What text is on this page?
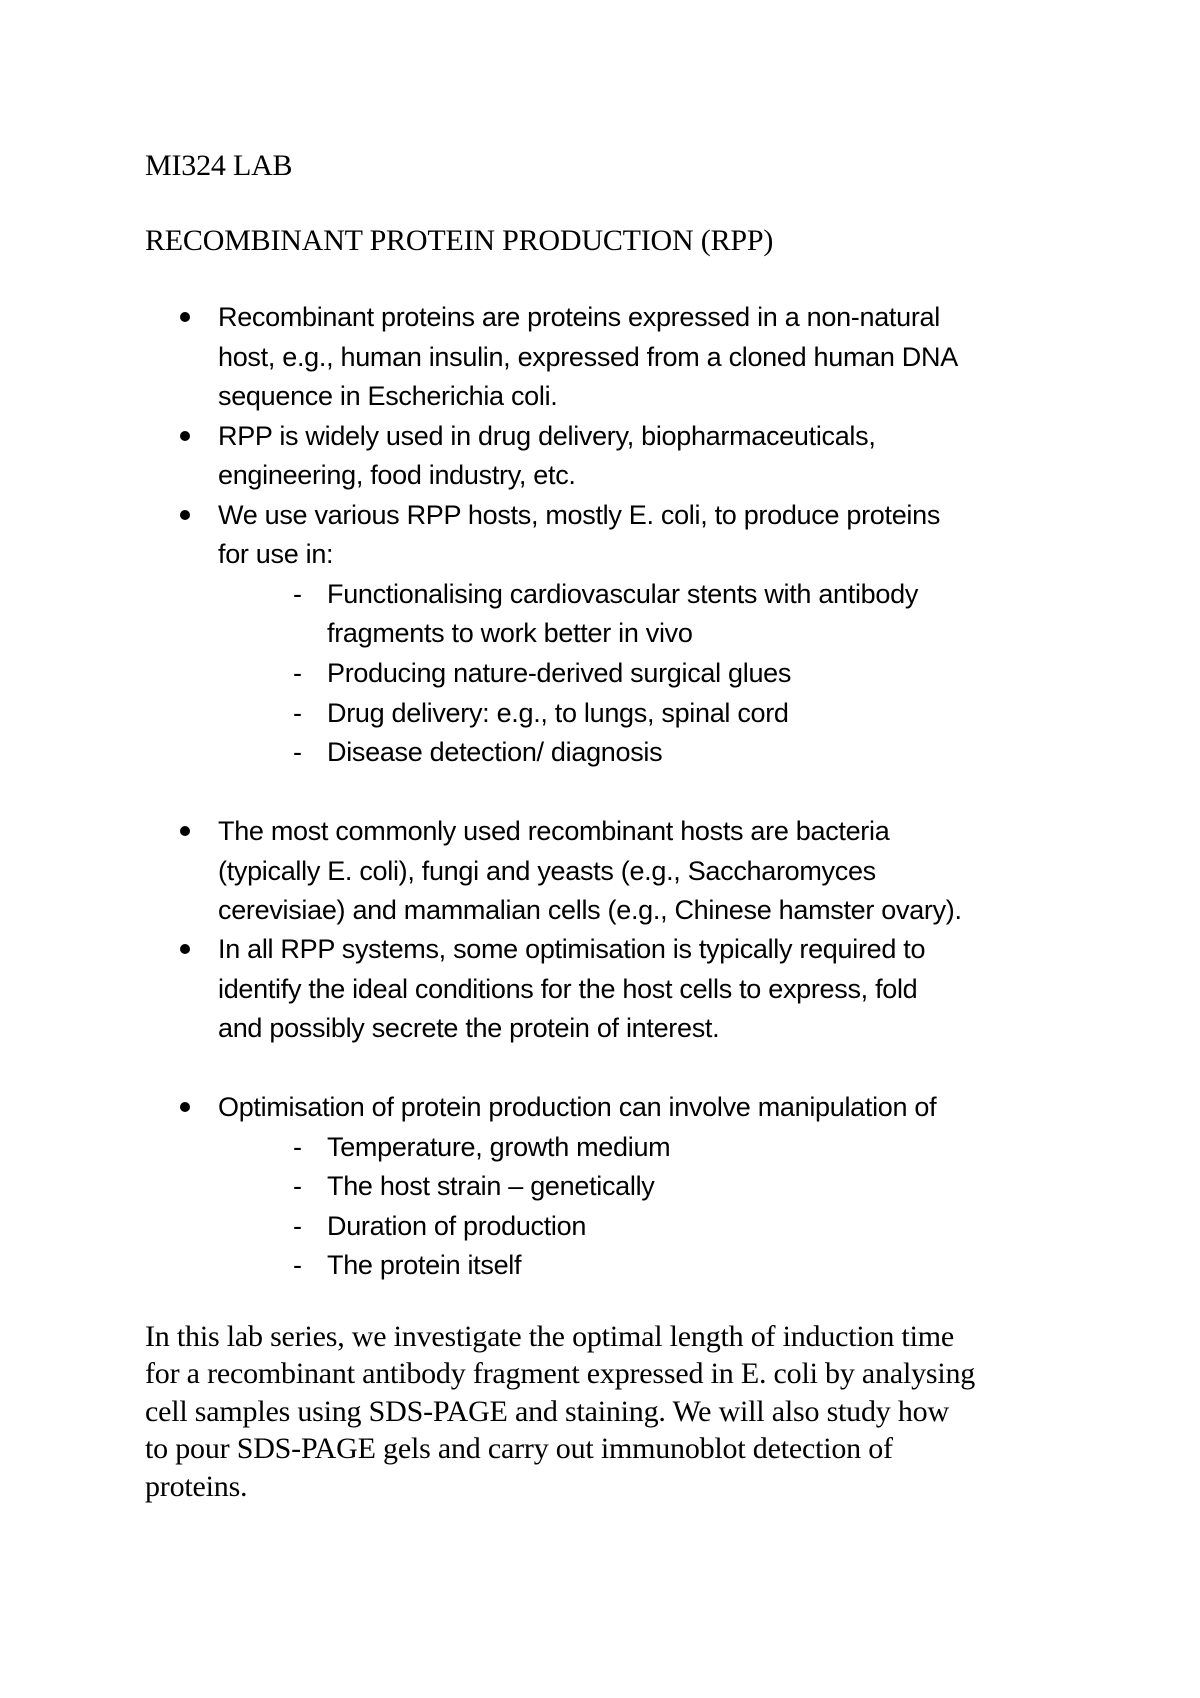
MI324 LAB
RECOMBINANT PROTEIN PRODUCTION (RPP)
Recombinant proteins are proteins expressed in a non-natural
host, e.g., human insulin, expressed from a cloned human DNA
sequence in Escherichia coli.
RPP is widely used in drug delivery, biopharmaceuticals,
engineering, food industry, etc.
We use various RPP hosts, mostly E. coli, to produce proteins
for use in:
- Functionalising cardiovascular stents with antibody
fragments to work better in vivo
- Producing nature-derived surgical glues
- Drug delivery: e.g., to lungs, spinal cord
- Disease detection/ diagnosis
The most commonly used recombinant hosts are bacteria
(typically E. coli), fungi and yeasts (e.g., Saccharomyces
cerevisiae) and mammalian cells (e.g., Chinese hamster ovary).
In all RPP systems, some optimisation is typically required to
identify the ideal conditions for the host cells to express, fold
and possibly secrete the protein of interest.
Optimisation of protein production can involve manipulation of
- Temperature, growth medium
- The host strain – genetically
- Duration of production
- The protein itself
In this lab series, we investigate the optimal length of induction time
for a recombinant antibody fragment expressed in E. coli by analysing
cell samples using SDS-PAGE and staining. We will also study how
to pour SDS-PAGE gels and carry out immunoblot detection of
proteins.
